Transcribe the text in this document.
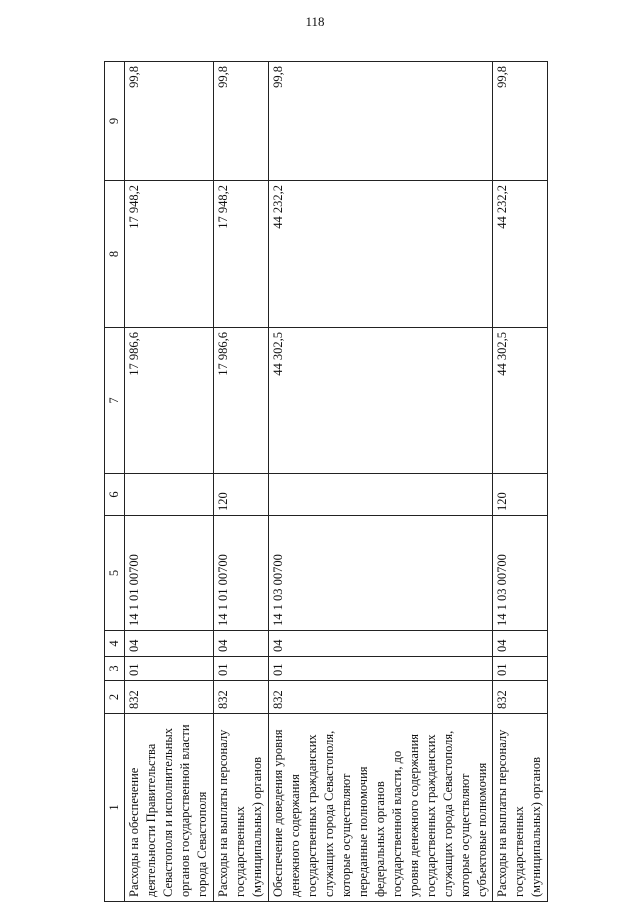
118
1	2	3	4	5	6	7	8	9
Расходы на обеспечение деятельности Правительства Севастополя и исполнительных органов государственной власти города Севастополя	832	01	04	14 1 01 00700		17 986,6	17 948,2	99,8
Расходы на выплаты персоналу государственных (муниципальных) органов	832	01	04	14 1 01 00700	120	17 986,6	17 948,2	99,8
Обеспечение доведения уровня денежного содержания государственных гражданских служащих города Севастополя, которые осуществляют переданные полномочия федеральных органов государственной власти, до уровня денежного содержания государственных гражданских служащих города Севастополя, которые осуществляют субъектовые полномочия	832	01	04	14 1 03 00700		44 302,5	44 232,2	99,8
Расходы на выплаты персоналу государственных (муниципальных) органов	832	01	04	14 1 03 00700	120	44 302,5	44 232,2	99,8
